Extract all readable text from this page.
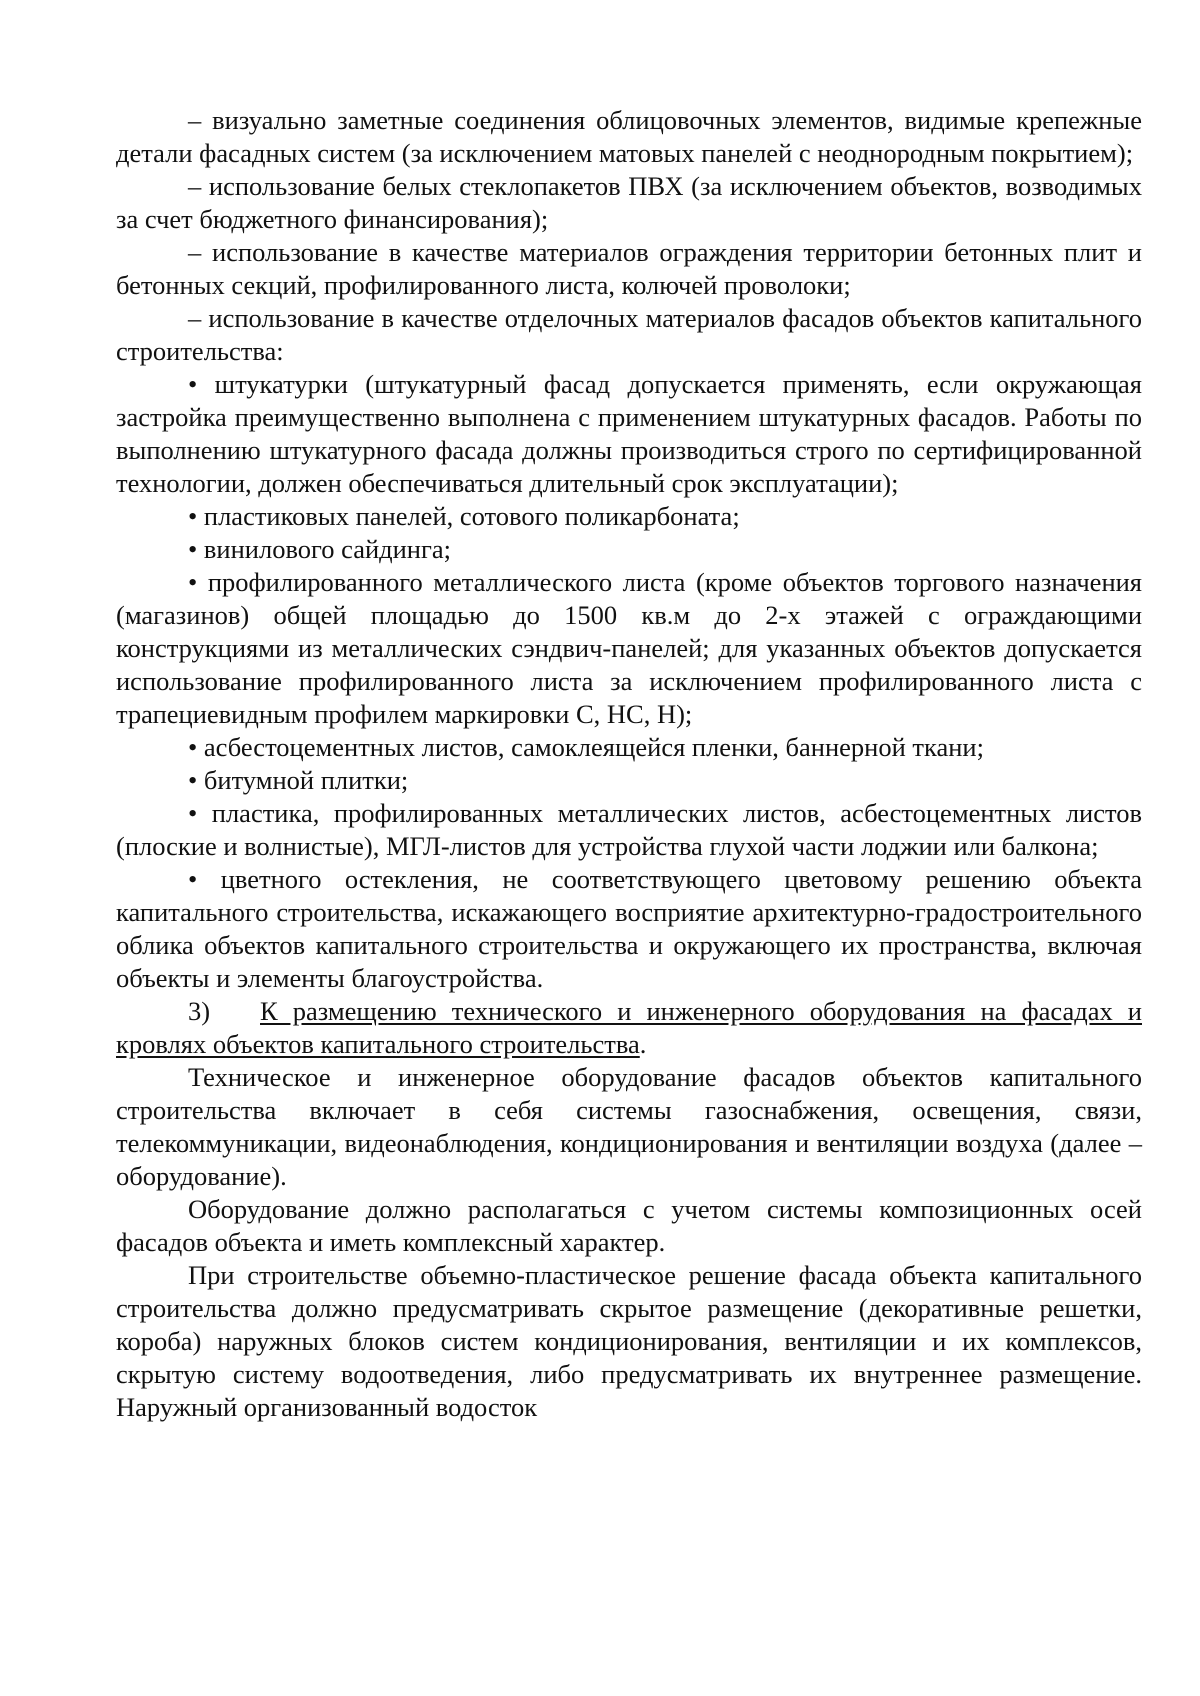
– визуально заметные соединения облицовочных элементов, видимые крепежные детали фасадных систем (за исключением матовых панелей с неоднородным покрытием);

– использование белых стеклопакетов ПВХ (за исключением объектов, возводимых за счет бюджетного финансирования);

– использование в качестве материалов ограждения территории бетонных плит и бетонных секций, профилированного листа, колючей проволоки;

– использование в качестве отделочных материалов фасадов объектов капитального строительства:

• штукатурки (штукатурный фасад допускается применять, если окружающая застройка преимущественно выполнена с применением штукатурных фасадов. Работы по выполнению штукатурного фасада должны производиться строго по сертифицированной технологии, должен обеспечиваться длительный срок эксплуатации);

• пластиковых панелей, сотового поликарбоната;

• винилового сайдинга;

• профилированного металлического листа (кроме объектов торгового назначения (магазинов) общей площадью до 1500 кв.м до 2-х этажей с ограждающими конструкциями из металлических сэндвич-панелей; для указанных объектов допускается использование профилированного листа за исключением профилированного листа с трапециевидным профилем маркировки С, НС, Н);

• асбестоцементных листов, самоклеящейся пленки, баннерной ткани;

• битумной плитки;

• пластика, профилированных металлических листов, асбестоцементных листов (плоские и волнистые), МГЛ-листов для устройства глухой части лоджии или балкона;

• цветного остекления, не соответствующего цветовому решению объекта капитального строительства, искажающего восприятие архитектурно-градостроительного облика объектов капитального строительства и окружающего их пространства, включая объекты и элементы благоустройства.

3) К размещению технического и инженерного оборудования на фасадах и кровлях объектов капитального строительства.

Техническое и инженерное оборудование фасадов объектов капитального строительства включает в себя системы газоснабжения, освещения, связи, телекоммуникации, видеонаблюдения, кондиционирования и вентиляции воздуха (далее – оборудование).

Оборудование должно располагаться с учетом системы композиционных осей фасадов объекта и иметь комплексный характер.

При строительстве объемно-пластическое решение фасада объекта капитального строительства должно предусматривать скрытое размещение (декоративные решетки, короба) наружных блоков систем кондиционирования, вентиляции и их комплексов, скрытую систему водоотведения, либо предусматривать их внутреннее размещение. Наружный организованный водосток
